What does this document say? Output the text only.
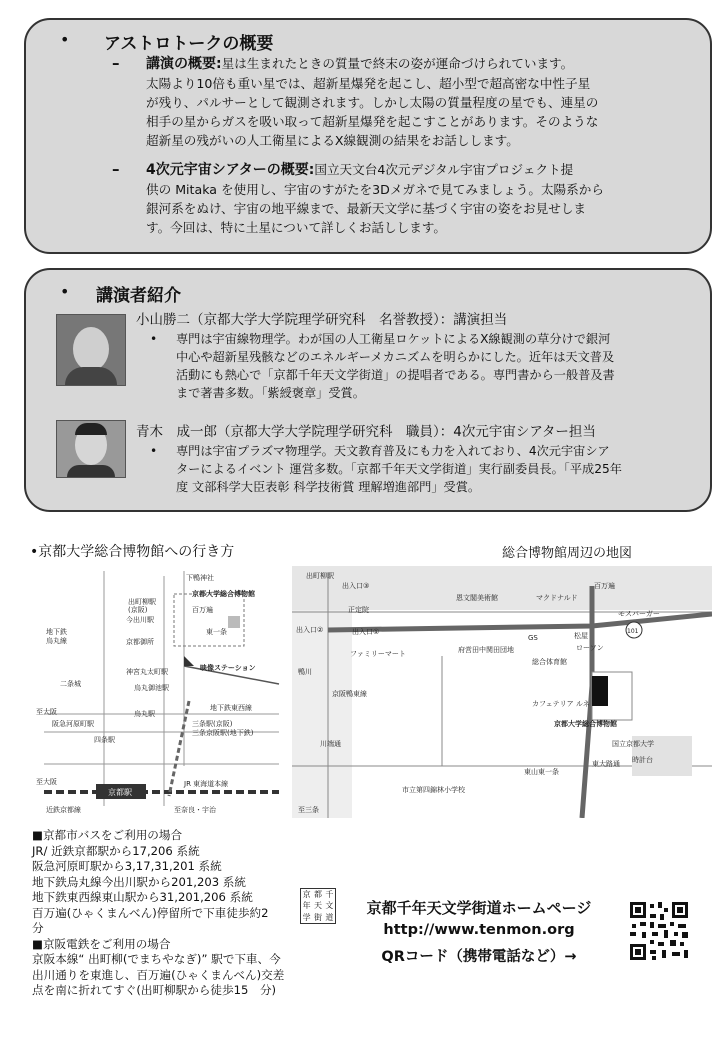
• アストロトークの概要
– 講演の概要:星は生まれたときの質量で終末の姿が運命づけられています。
太陽より10倍も重い星では、超新星爆発を起こし、超小型で超高密な中性子星
が残り、パルサーとして観測されます。しかし太陽の質量程度の星でも、連星の
相手の星からガスを吸い取って超新星爆発を起こすことがあります。そのような
超新星の残がいの人工衛星によるX線観測の結果をお話しします。
– 4次元宇宙シアターの概要:国立天文台4次元デジタル宇宙プロジェクト提
供の Mitaka を使用し、宇宙のすがたを3Dメガネで見てみましょう。太陽系から
銀河系をぬけ、宇宙の地平線まで、最新天文学に基づく宇宙の姿をお見せしま
す。今回は、特に土星について詳しくお話しします。
• 講演者紹介
小山勝二（京都大学大学院理学研究科　名誉教授）：講演担当
• 専門は宇宙線物理学。わが国の人工衛星ロケットによるX線観測の草分けで銀河
中心や超新星残骸などのエネルギーメカニズムを明らかにした。近年は天文普及
活動にも熱心で「京都千年天文学街道」の提唱者である。専門書から一般普及書
まで著書多数。「紫綬褒章」受賞。
青木　成一郎（京都大学大学院理学研究科　職員）：4次元宇宙シアター担当
• 専門は宇宙プラズマ物理学。天文教育普及にも力を入れており、4次元宇宙シア
ターによるイベント 運営多数。「京都千年天文学街道」実行副委員長。「平成25年
度 文部科学大臣表彰 科学技術賞 理解増進部門」受賞。
•京都大学総合博物館への行き方	総合博物館周辺の地図
京都駅
下鴨神社
出町柳駅
(京阪)
京都大学総合博物館
百万遍
今出川駅
京都御所
地下鉄
烏丸線
東一条
神宮丸太町駅	映像ステーション
二条城	烏丸御池駅
地下鉄東西線
三条駅(京阪)
三条京阪駅(地下鉄)
阪急河原町駅
四条駅
烏丸駅
至大阪
JR 東海道本線
近鉄京都線	至奈良・宇治
至大阪
101
出町柳駅
出入口③
正定院
出入口②	出入口①
ファミリーマート
鴨川
京阪鴨東線
川端通
至三条
恩文閣美術館
府営田中関田団地
GS
マクドナルド
百万遍
モスバーガー
松屋
ローソン
総合体育館
カフェテリア ルネ
京都大学総合博物館
東大路通
国立京都大学
時計台
東山東一条
市立第四錦林小学校
■京都市バスをご利用の場合
JR/ 近鉄京都駅から17,206 系統
阪急河原町駅から3,17,31,201 系統
地下鉄烏丸線今出川駅から201,203 系統
地下鉄東西線東山駅から31,201,206 系統
百万遍(ひゃくまんべん)停留所で下車徒歩約2
分
■京阪電鉄をご利用の場合
京阪本線“ 出町柳(でまちやなぎ)” 駅で下車、今
出川通りを東進し、百万遍(ひゃくまんべん)交差
点を南に折れてすぐ(出町柳駅から徒歩15　分)
京 都 千
年 天 文
学 街 道
京都千年天文学街道ホームページ
http://www.tenmon.org
QRコード（携帯電話など）→
